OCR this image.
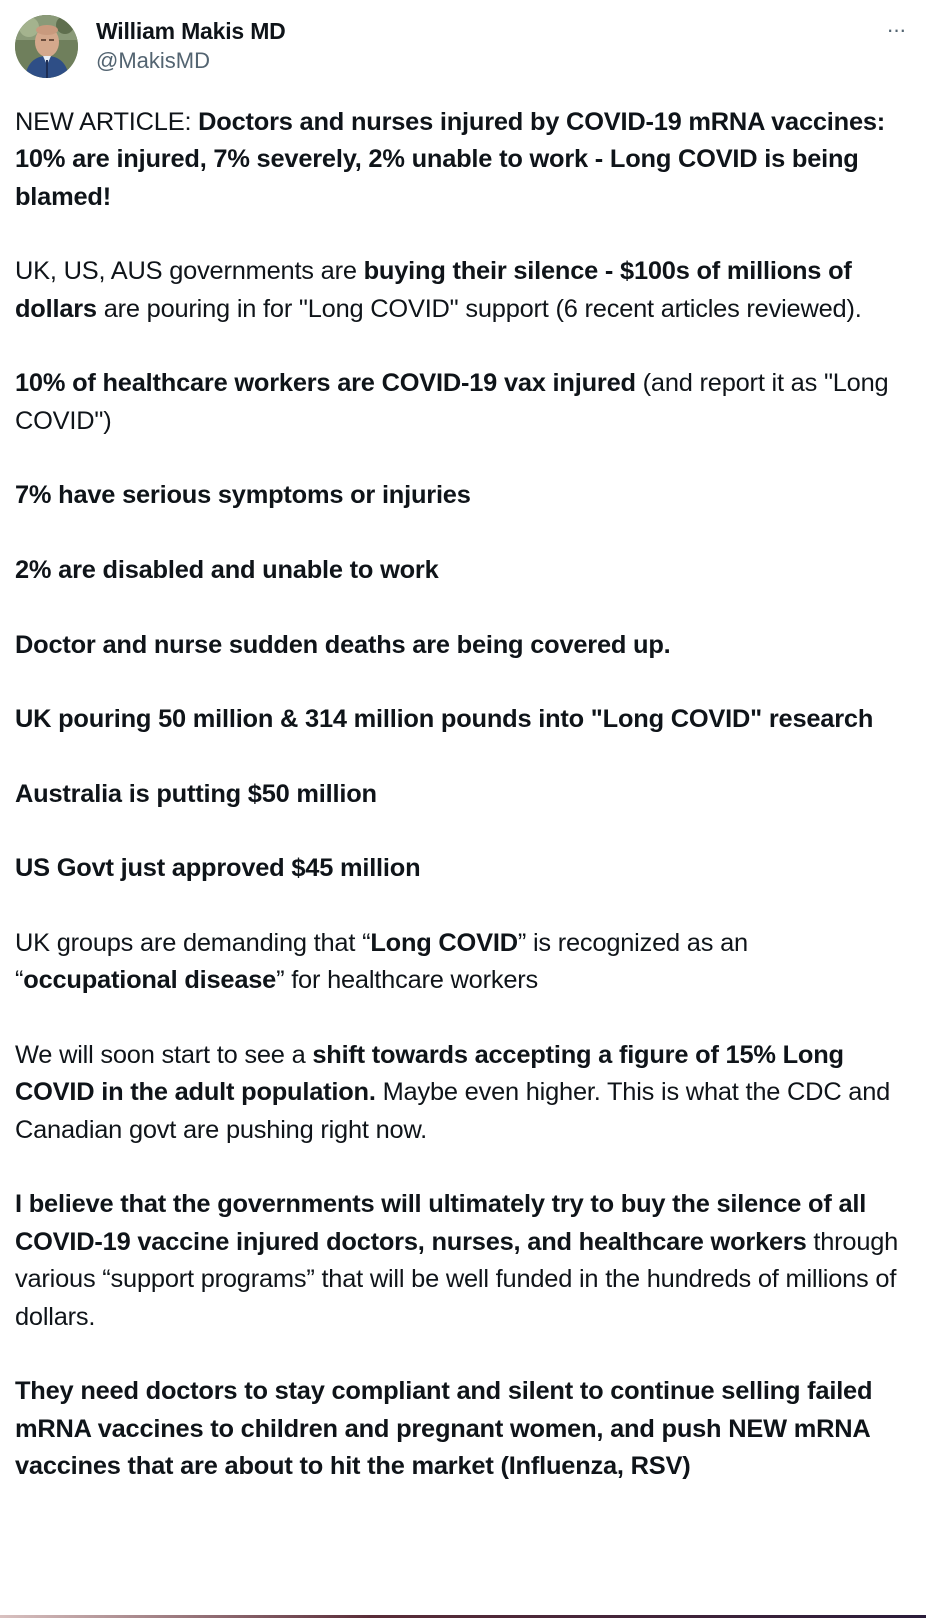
William Makis MD
@MakisMD
···

NEW ARTICLE: Doctors and nurses injured by COVID-19 mRNA vaccines: 10% are injured, 7% severely, 2% unable to work - Long COVID is being blamed!

UK, US, AUS governments are buying their silence - $100s of millions of dollars are pouring in for "Long COVID" support (6 recent articles reviewed).

10% of healthcare workers are COVID-19 vax injured (and report it as "Long COVID")

7% have serious symptoms or injuries

2% are disabled and unable to work

Doctor and nurse sudden deaths are being covered up.

UK pouring 50 million & 314 million pounds into "Long COVID" research

Australia is putting $50 million

US Govt just approved $45 million

UK groups are demanding that “Long COVID” is recognized as an “occupational disease” for healthcare workers

We will soon start to see a shift towards accepting a figure of 15% Long COVID in the adult population. Maybe even higher. This is what the CDC and Canadian govt are pushing right now.

I believe that the governments will ultimately try to buy the silence of all COVID-19 vaccine injured doctors, nurses, and healthcare workers through various “support programs” that will be well funded in the hundreds of millions of dollars.

They need doctors to stay compliant and silent to continue selling failed mRNA vaccines to children and pregnant women, and push NEW mRNA vaccines that are about to hit the market (Influenza, RSV)
